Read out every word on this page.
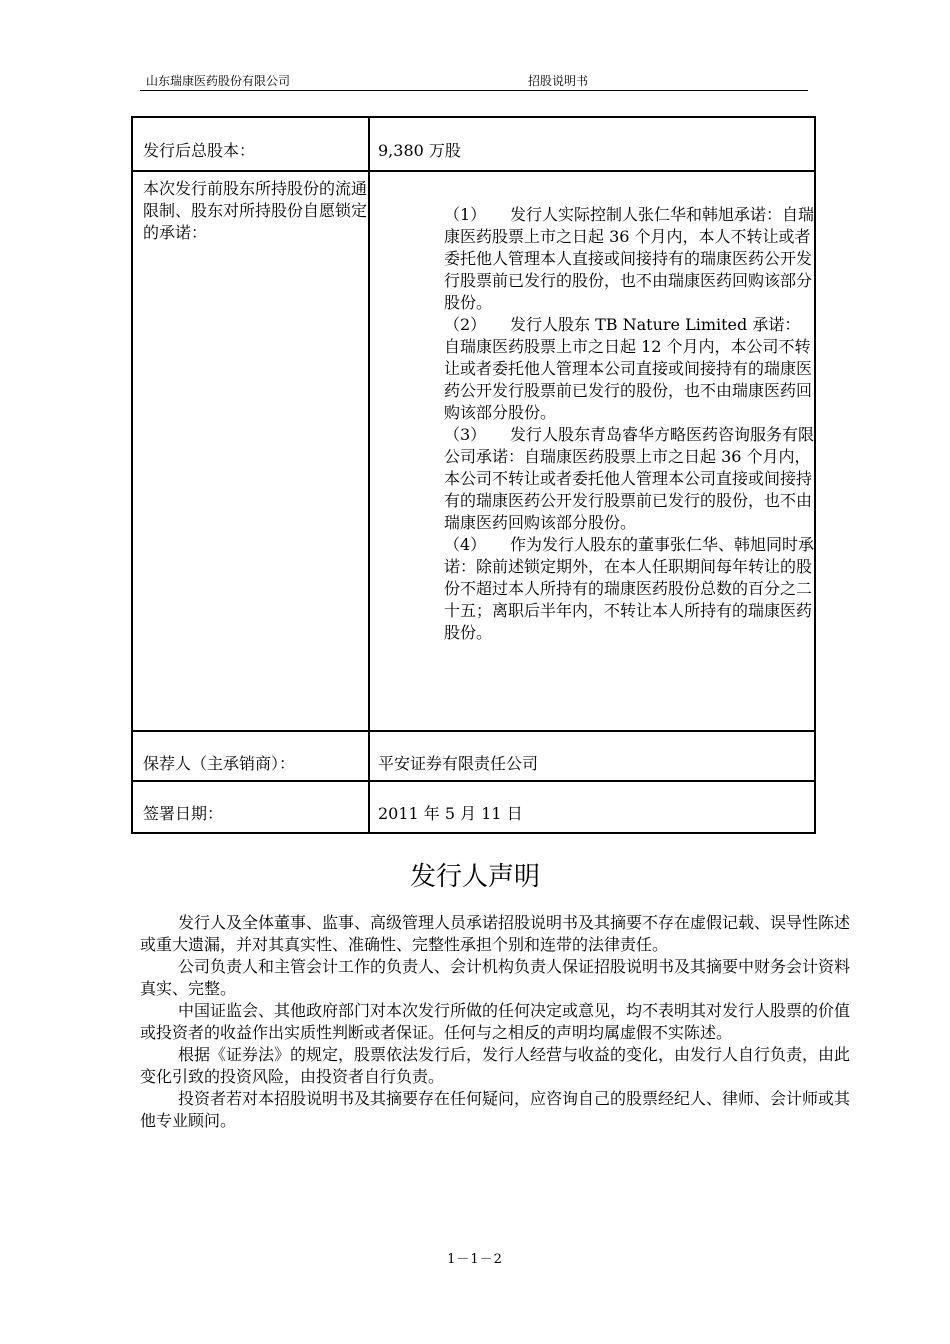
山东瑞康医药股份有限公司	招股说明书
发行后总股本：	9,380 万股

本次发行前股东所持股份的流通限制、股东对所持股份自愿锁定的承诺：	（1） 发行人实际控制人张仁华和韩旭承诺：自瑞康医药股票上市之日起 36 个月内，本人不转让或者委托他人管理本人直接或间接持有的瑞康医药公开发行股票前已发行的股份，也不由瑞康医药回购该部分股份。

（2） 发行人股东 TB Nature Limited 承诺：自瑞康医药股票上市之日起 12 个月内，本公司不转让或者委托他人管理本公司直接或间接持有的瑞康医药公开发行股票前已发行的股份，也不由瑞康医药回购该部分股份。

（3） 发行人股东青岛睿华方略医药咨询服务有限公司承诺：自瑞康医药股票上市之日起 36 个月内，本公司不转让或者委托他人管理本公司直接或间接持有的瑞康医药公开发行股票前已发行的股份，也不由瑞康医药回购该部分股份。

（4） 作为发行人股东的董事张仁华、韩旭同时承诺：除前述锁定期外，在本人任职期间每年转让的股份不超过本人所持有的瑞康医药股份总数的百分之二十五；离职后半年内，不转让本人所持有的瑞康医药股份。

保荐人（主承销商）：	平安证券有限责任公司

签署日期：	2011 年 5 月 11 日
发行人声明

发行人及全体董事、监事、高级管理人员承诺招股说明书及其摘要不存在虚假记载、误导性陈述或重大遗漏，并对其真实性、准确性、完整性承担个别和连带的法律责任。

公司负责人和主管会计工作的负责人、会计机构负责人保证招股说明书及其摘要中财务会计资料真实、完整。

中国证监会、其他政府部门对本次发行所做的任何决定或意见，均不表明其对发行人股票的价值或投资者的收益作出实质性判断或者保证。任何与之相反的声明均属虚假不实陈述。

根据《证券法》的规定，股票依法发行后，发行人经营与收益的变化，由发行人自行负责，由此变化引致的投资风险，由投资者自行负责。

投资者若对本招股说明书及其摘要存在任何疑问，应咨询自己的股票经纪人、律师、会计师或其他专业顾问。

1－1－2
